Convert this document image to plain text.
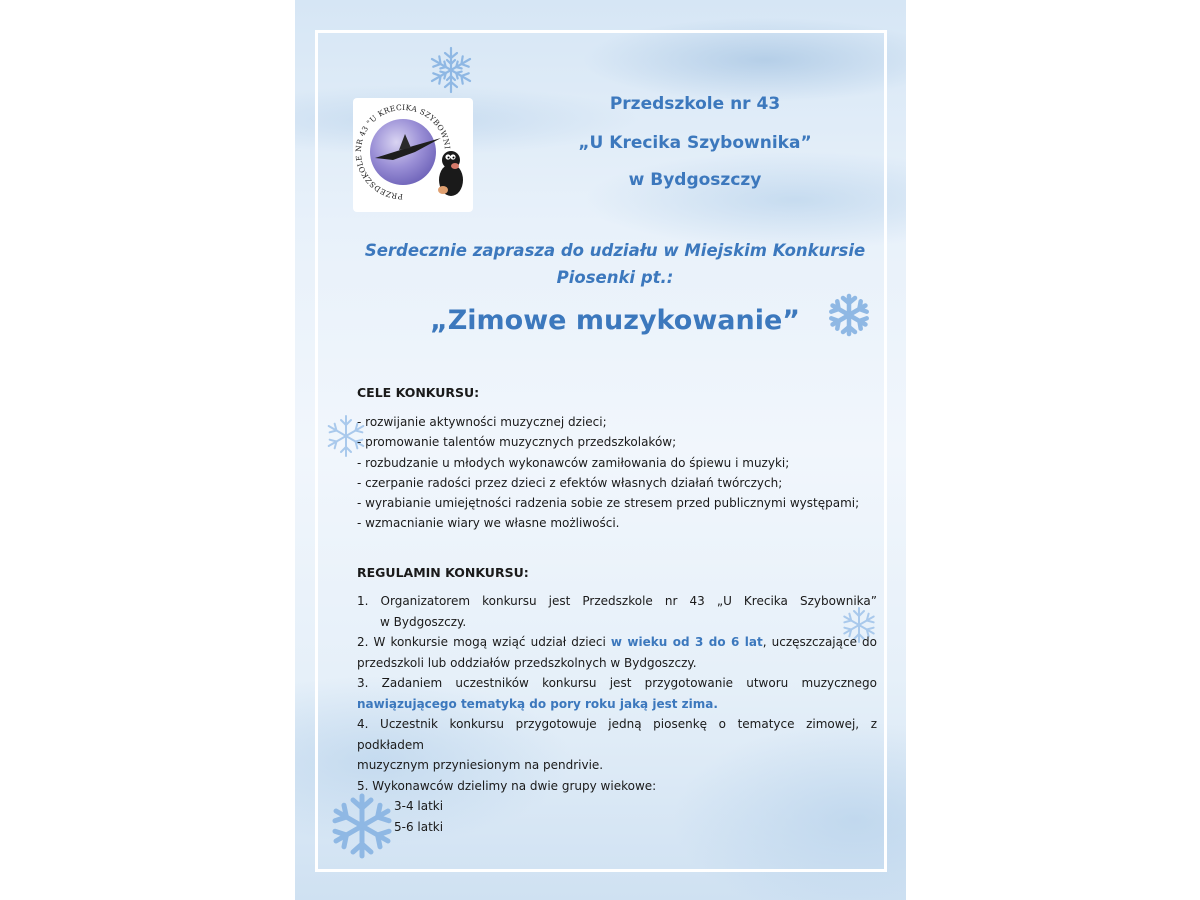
PRZEDSZKOLE NR 43 "U KRECIKA SZYBOWNI
Przedszkole nr 43
„U Krecika Szybownika”
w Bydgoszczy
Serdecznie zaprasza do udziału w Miejskim Konkursie
Piosenki pt.:
„Zimowe muzykowanie”
CELE KONKURSU:
- rozwijanie aktywności muzycznej dzieci;
- promowanie talentów muzycznych przedszkolaków;
- rozbudzanie u młodych wykonawców zamiłowania do śpiewu i muzyki;
- czerpanie radości przez dzieci z efektów własnych działań twórczych;
- wyrabianie umiejętności radzenia sobie ze stresem przed publicznymi występami;
- wzmacnianie wiary we własne możliwości.
REGULAMIN KONKURSU:

1. Organizatorem konkursu jest Przedszkole nr 43 „U Krecika Szybownika”

w Bydgoszczy.

2. W konkursie mogą wziąć udział dzieci w wieku od 3 do 6 lat, uczęszczające do

przedszkoli lub oddziałów przedszkolnych w Bydgoszczy.

3. Zadaniem uczestników konkursu jest przygotowanie utworu muzycznego

nawiązującego tematyką do pory roku jaką jest zima.

4. Uczestnik konkursu przygotowuje jedną piosenkę o tematyce zimowej, z podkładem

muzycznym przyniesionym na pendrivie.

5. Wykonawców dzielimy na dwie grupy wiekowe:

3-4 latki

5-6 latki
